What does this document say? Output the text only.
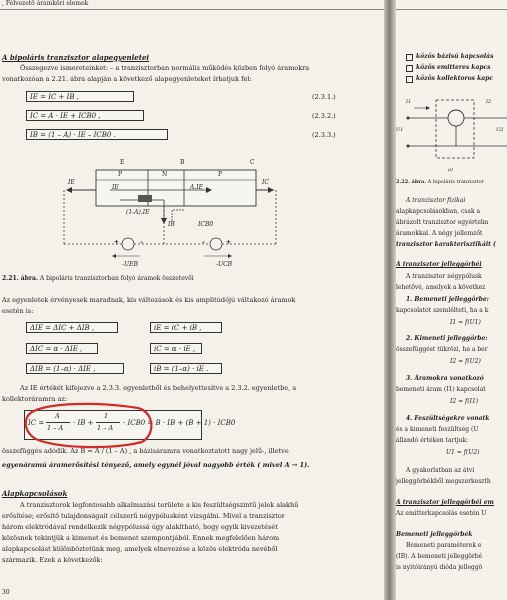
, Félvezető áramköri elemek
A bipoláris tranzisztor alapegyenletei
Összegezve ismereteinket: – a tranzisztorban normális működés közben folyó áramokra
vonatkozóan a 2.21. ábra alapján a következő alapegyenleteket írhatjuk fel:
IE = IC + IB ,
IC = A · IE + ICB0 ,
IB = (1 – A) · IE – ICB0 .
(2.3.1.)
(2.3.2.)
(2.3.3.)
E	B	C
P	N	P
IE
IE	A.IE
IC
(1-A).IE
IB	ICB0
+	–	–	+
-UEB	-UCB
2.21. ábra. A bipoláris tranzisztorban folyó áramok összetevői
Az egyenletek érvényesek maradnak, kis változások és kis amplitúdójú váltakozó áramok
esetén is:
ΔIE = ΔIC + ΔIB ,
ΔIC = α · ΔIE ,
ΔIB = (1–α) · ΔIE ,
iE = iC + iB ,
iC = α · iE ,
iB = (1–α) · iE .
Az IE értékét kifejezve a 2.3.3. egyenletből és behelyettesítve a 2.3.2. egyenletbe, a
kollektoráramra az:
IC =
A
1 – A
· IB +
1
1 – A
· ICB0 = B · IB + (B + 1) · ICB0
összefüggés adódik. Az B = A / (1 – A) , a bázisáramra vonatkoztatott nagy jelű-, illetve
egyenáramú áramerősítési tényező, amely egynél jóval nagyobb érték ( mivel A → 1).
Alapkapcsolások
A tranzisztorok legfontosabb alkalmazási területe a kis feszültségszintű jelek alakhű
erősítése; erősítő tulajdonságait célszerű négypólusként vizsgálni. Mivel a tranzisztor
három elektródával rendelkezik négypólussá úgy alakítható, hogy egyik kivezetését
közösnek tekintjük a kimenet és bemenet szempontjából. Ennek megfelelően három
alapkapcsolást különböztetünk meg, amelyek elnevezése a közös elektróda nevéből
származik. Ezek a következők:
30
közös bázisú kapcsolás
közös emitteres kapcs
közös kollektoros kapc
I1	I2
U1	U2
a)
2.22. ábra. A bipoláris tranzisztor
A tranzisztor fizikai
alapkapcsolásokban, csak a
ábrázolt tranzisztor egyértelm
áramokkal. A négy jellemzőt
tranzisztor karakterisztikáit (
A tranzisztor jelleggörbéi
A tranzisztor négypólusk
lehetővé, amelyek a következ
1. Bemeneti jelleggörbe:
kapcsolatot szemlélteti, ha a k
I1 = f(U1)
2. Kimeneti jelleggörbe:
összefüggést tükrözi, ha a ber
I2 = f(U2)
3. Áramokra vonatkozó
bemeneti áram (I1) kapcsolat
I2 = f(I1)
4. Feszültségekre vonatk
és a kimeneti feszültség (U
állandó értéken tartjuk:
U1 = f(U2)
A gyakorlatban az átvi
jelleggörbékből megszerkeszth
A tranzisztor jelleggörbéi em
Az emitterkapcsolás esetén U
Bemeneti jelleggörbék
Bemeneti paraméterek e
(IB). A bemeneti jelleggörbé
is nyitóirányú dióda jelleggö
